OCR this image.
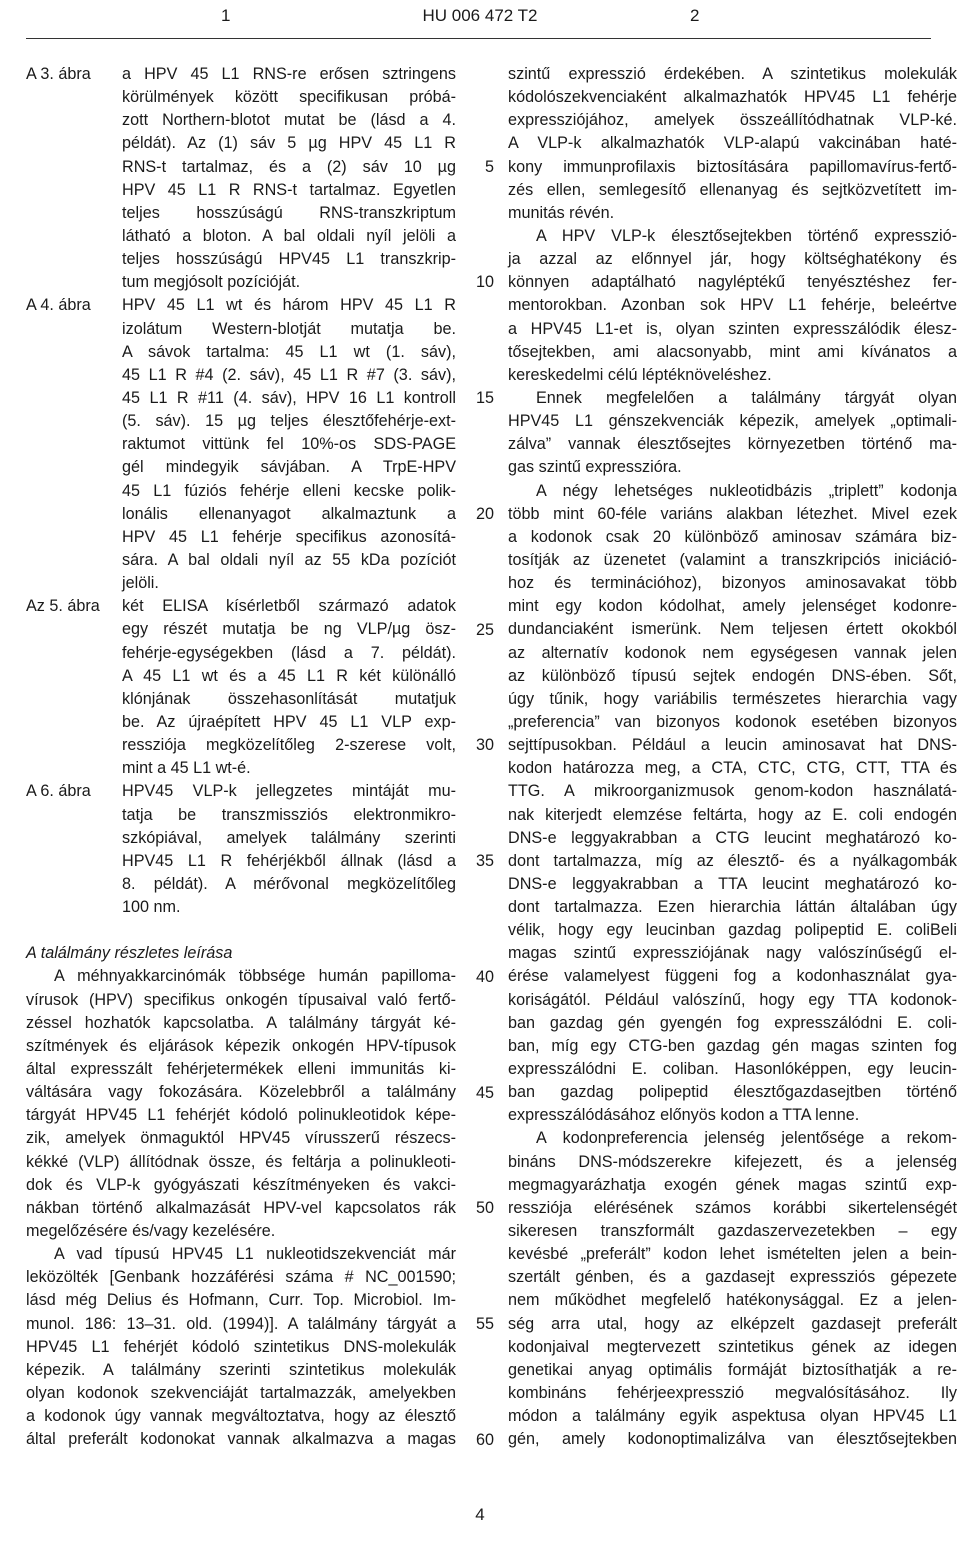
1	HU 006 472 T2	2
A 3. ábra	a HPV 45 L1 RNS-re erősen sztringens
körülmények között specifikusan próbá-
zott Northern-blotot mutat be (lásd a 4.
példát). Az (1) sáv 5 µg HPV 45 L1 R
RNS-t tartalmaz, és a (2) sáv 10 µg
HPV 45 L1 R RNS-t tartalmaz. Egyetlen
teljes hosszúságú RNS-transzkriptum
látható a bloton. A bal oldali nyíl jelöli a
teljes hosszúságú HPV45 L1 transzkrip-
tum megjósolt pozícióját.
A 4. ábra	HPV 45 L1 wt és három HPV 45 L1 R
izolátum Western-blotját mutatja be.
A sávok tartalma: 45 L1 wt (1. sáv),
45 L1 R #4 (2. sáv), 45 L1 R #7 (3. sáv),
45 L1 R #11 (4. sáv), HPV 16 L1 kontroll
(5. sáv). 15 µg teljes élesztőfehérje-ext-
raktumot vittünk fel 10%-os SDS-PAGE
gél mindegyik sávjában. A TrpE-HPV
45 L1 fúziós fehérje elleni kecske polik-
lonális ellenanyagot alkalmaztunk a
HPV 45 L1 fehérje specifikus azonosítá-
sára. A bal oldali nyíl az 55 kDa pozíciót
jelöli.
Az 5. ábra	két ELISA kísérletből származó adatok
egy részét mutatja be ng VLP/µg ösz-
fehérje-egységekben (lásd a 7. példát).
A 45 L1 wt és a 45 L1 R két különálló
klónjának összehasonlítását mutatjuk
be. Az újraépített HPV 45 L1 VLP exp-
ressziója megközelítőleg 2-szerese volt,
mint a 45 L1 wt-é.
A 6. ábra	HPV45 VLP-k jellegzetes mintáját mu-
tatja be transzmissziós elektronmikro-
szkópiával, amelyek találmány szerinti
HPV45 L1 R fehérjékből állnak (lásd a
8. példát). A mérővonal megközelítőleg
100 nm.
A találmány részletes leírása
A méhnyakkarcinómák többsége humán papilloma-
vírusok (HPV) specifikus onkogén típusaival való fertő-
zéssel hozhatók kapcsolatba. A találmány tárgyát ké-
szítmények és eljárások képezik onkogén HPV-típusok
által expresszált fehérjetermékek elleni immunitás ki-
váltására vagy fokozására. Közelebbről a találmány
tárgyát HPV45 L1 fehérjét kódoló polinukleotidok képe-
zik, amelyek önmaguktól HPV45 vírusszerű részecs-
kékké (VLP) állítódnak össze, és feltárja a polinukleoti-
dok és VLP-k gyógyászati készítményeken és vakci-
nákban történő alkalmazását HPV-vel kapcsolatos rák
megelőzésére és/vagy kezelésére.
A vad típusú HPV45 L1 nukleotidszekvenciát már
leközölték [Genbank hozzáférési száma # NC_001590;
lásd még Delius és Hofmann, Curr. Top. Microbiol. Im-
munol. 186: 13–31. old. (1994)]. A találmány tárgyát a
HPV45 L1 fehérjét kódoló szintetikus DNS-molekulák
képezik. A találmány szerinti szintetikus molekulák
olyan kodonok szekvenciáját tartalmazzák, amelyekben
a kodonok úgy vannak megváltoztatva, hogy az élesztő
által preferált kodonokat vannak alkalmazva a magas
szintű expresszió érdekében. A szintetikus molekulák
kódolószekvenciaként alkalmazhatók HPV45 L1 fehérje
expressziójához, amelyek összeállítódhatnak VLP-ké.
A VLP-k alkalmazhatók VLP-alapú vakcinában haté-
kony immunprofilaxis biztosítására papillomavírus-fertő-
zés ellen, semlegesítő ellenanyag és sejtközvetített im-
munitás révén.
A HPV VLP-k élesztősejtekben történő expresszió-
ja azzal az előnnyel jár, hogy költséghatékony és
könnyen adaptálható nagyléptékű tenyésztéshez fer-
mentorokban. Azonban sok HPV L1 fehérje, beleértve
a HPV45 L1-et is, olyan szinten expresszálódik élesz-
tősejtekben, ami alacsonyabb, mint ami kívánatos a
kereskedelmi célú léptéknöveléshez.
Ennek megfelelően a találmány tárgyát olyan
HPV45 L1 génszekvenciák képezik, amelyek „optimali-
zálva” vannak élesztősejtes környezetben történő ma-
gas szintű expresszióra.
A négy lehetséges nukleotidbázis „triplett” kodonja
több mint 60-féle variáns alakban létezhet. Mivel ezek
a kodonok csak 20 különböző aminosav számára biz-
tosítják az üzenetet (valamint a transzkripciós iniciáció-
hoz és terminációhoz), bizonyos aminosavakat több
mint egy kodon kódolhat, amely jelenséget kodonre-
dundanciaként ismerünk. Nem teljesen értett okokból
az alternatív kodonok nem egységesen vannak jelen
az különböző típusú sejtek endogén DNS-ében. Sőt,
úgy tűnik, hogy variábilis természetes hierarchia vagy
„preferencia” van bizonyos kodonok esetében bizonyos
sejttípusokban. Például a leucin aminosavat hat DNS-
kodon határozza meg, a CTA, CTC, CTG, CTT, TTA és
TTG. A mikroorganizmusok genom-kodon használatá-
nak kiterjedt elemzése feltárta, hogy az E. coli endogén
DNS-e leggyakrabban a CTG leucint meghatározó ko-
dont tartalmazza, míg az élesztő- és a nyálkagombák
DNS-e leggyakrabban a TTA leucint meghatározó ko-
dont tartalmazza. Ezen hierarchia láttán általában úgy
vélik, hogy egy leucinban gazdag polipeptid E. coliBeli
magas szintű expressziójának nagy valószínűségű el-
érése valamelyest függeni fog a kodonhasználat gya-
koriságától. Például valószínű, hogy egy TTA kodonok-
ban gazdag gén gyengén fog expresszálódni E. coli-
ban, míg egy CTG-ben gazdag gén magas szinten fog
expresszálódni E. coliban. Hasonlóképpen, egy leucin-
ban gazdag polipeptid élesztőgazdasejtben történő
expresszálódásához előnyös kodon a TTA lenne.
A kodonpreferencia jelenség jelentősége a rekom-
bináns DNS-módszerekre kifejezett, és a jelenség
megmagyarázhatja exogén gének magas szintű exp-
ressziója elérésének számos korábbi sikertelenségét
sikeresen transzformált gazdaszervezetekben – egy
kevésbé „preferált” kodon lehet ismételten jelen a bein-
szertált génben, és a gazdasejt expressziós gépezete
nem működhet megfelelő hatékonysággal. Ez a jelen-
ség arra utal, hogy az elképzelt gazdasejt preferált
kodonjaival megtervezett szintetikus gének az idegen
genetikai anyag optimális formáját biztosíthatják a re-
kombináns fehérjeexpresszió megvalósításához. Ily
módon a találmány egyik aspektusa olyan HPV45 L1
gén, amely kodonoptimalizálva van élesztősejtekben
5
10
15
20
25
30
35
40
45
50
55
60
4
